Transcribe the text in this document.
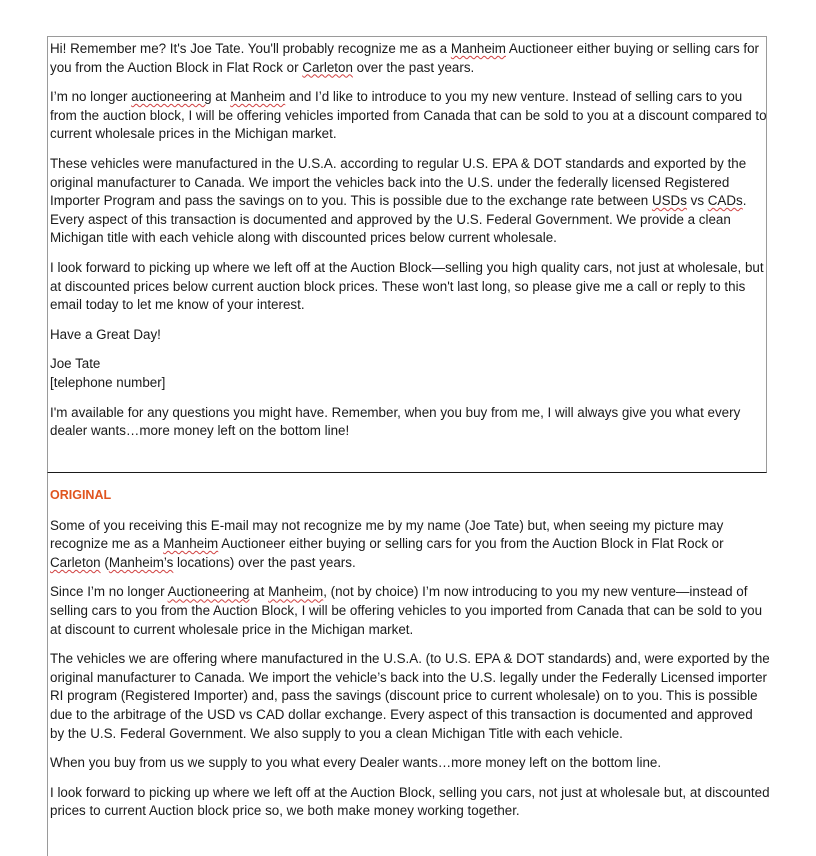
Hi! Remember me? It's Joe Tate. You'll probably recognize me as a Manheim Auctioneer either buying or selling cars for you from the Auction Block in Flat Rock or Carleton over the past years.

I’m no longer auctioneering at Manheim and I’d like to introduce to you my new venture. Instead of selling cars to you from the auction block, I will be offering vehicles imported from Canada that can be sold to you at a discount compared to current wholesale prices in the Michigan market.

These vehicles were manufactured in the U.S.A. according to regular U.S. EPA & DOT standards and exported by the original manufacturer to Canada. We import the vehicles back into the U.S. under the federally licensed Registered Importer Program and pass the savings on to you. This is possible due to the exchange rate between USDs vs CADs. Every aspect of this transaction is documented and approved by the U.S. Federal Government. We provide a clean Michigan title with each vehicle along with discounted prices below current wholesale.

I look forward to picking up where we left off at the Auction Block—selling you high quality cars, not just at wholesale, but at discounted prices below current auction block prices. These won't last long, so please give me a call or reply to this email today to let me know of your interest.

Have a Great Day!

Joe Tate
[telephone number]

I'm available for any questions you might have. Remember, when you buy from me, I will always give you what every dealer wants…more money left on the bottom line!

ORIGINAL

Some of you receiving this E-mail may not recognize me by my name (Joe Tate) but, when seeing my picture may recognize me as a Manheim Auctioneer either buying or selling cars for you from the Auction Block in Flat Rock or Carleton (Manheim’s locations) over the past years.

Since I’m no longer Auctioneering at Manheim, (not by choice) I’m now introducing to you my new venture—instead of selling cars to you from the Auction Block, I will be offering vehicles to you imported from Canada that can be sold to you at discount to current wholesale price in the Michigan market.

The vehicles we are offering where manufactured in the U.S.A. (to U.S. EPA & DOT standards) and, were exported by the original manufacturer to Canada. We import the vehicle’s back into the U.S. legally under the Federally Licensed importer RI program (Registered Importer) and, pass the savings (discount price to current wholesale) on to you. This is possible due to the arbitrage of the USD vs CAD dollar exchange. Every aspect of this transaction is documented and approved by the U.S. Federal Government. We also supply to you a clean Michigan Title with each vehicle.

When you buy from us we supply to you what every Dealer wants…more money left on the bottom line.

I look forward to picking up where we left off at the Auction Block, selling you cars, not just at wholesale but, at discounted prices to current Auction block price so, we both make money working together.
